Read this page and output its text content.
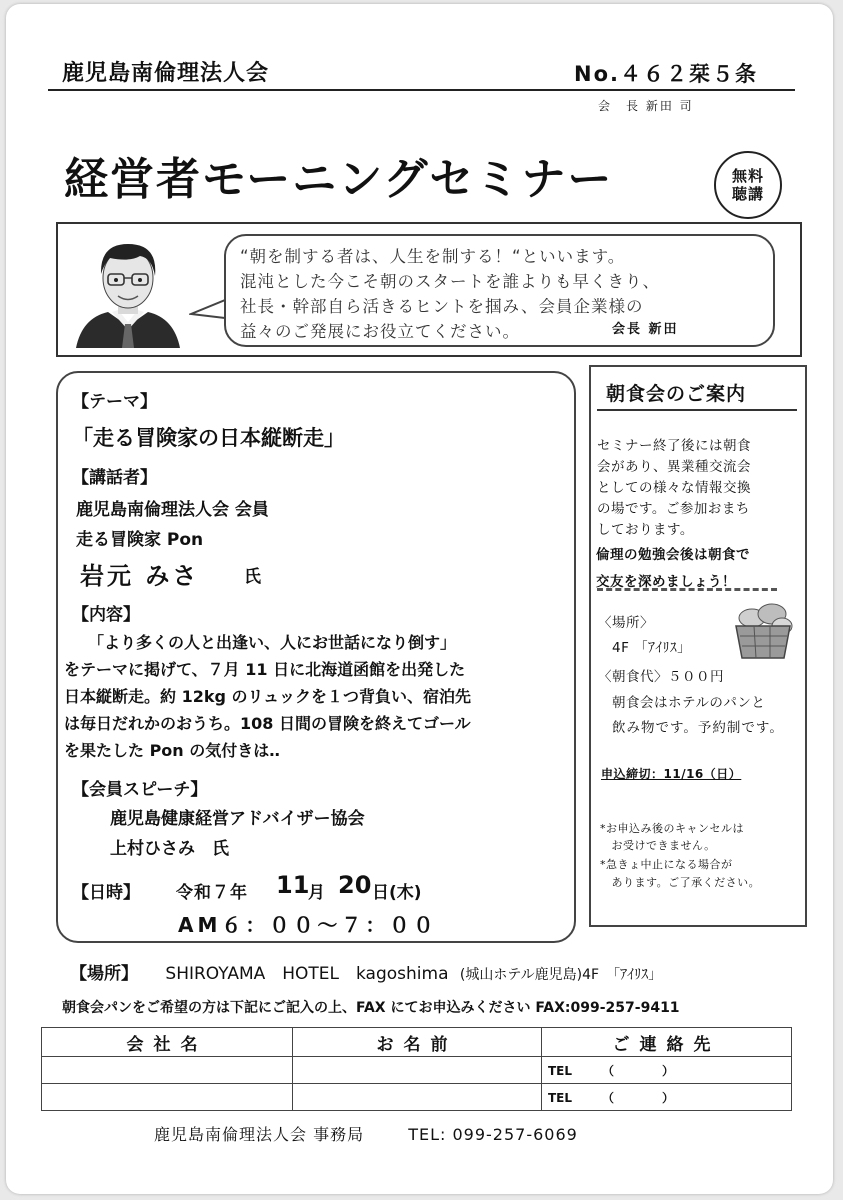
鹿児島南倫理法人会	No.４６２栞５条
会　長 新田 司
経営者モーニングセミナー	無料
聴講
“朝を制する者は、人生を制する！“といいます。
混沌とした今こそ朝のスタートを誰よりも早くきり、
社長・幹部自ら活きるヒントを掴み、会員企業様の
益々のご発展にお役立てください。	会長 新田
【テーマ】
「走る冒険家の日本縦断走」
【講話者】
鹿児島南倫理法人会 会員
走る冒険家 Pon
岩元 みさ	氏
【内容】
「より多くの人と出逢い、人にお世話になり倒す」
をテーマに掲げて、７月 11 日に北海道函館を出発した
日本縦断走。約 12kg のリュックを１つ背負い、宿泊先
は毎日だれかのおうち。108 日間の冒険を終えてゴール
を果たした Pon の気付きは‥
【会員スピーチ】
鹿児島健康経営アドバイザー協会
上村ひさみ　氏
【日時】 令和７年 11
月 20 日(木)
AM６：００～７：００
朝食会のご案内
セミナー終了後には朝食
会があり、異業種交流会
としての様々な情報交換
の場です。ご参加おまち
しております。
倫理の勉強会後は朝食で
交友を深めましょう！
〈場所〉
4F 「ｱｲﾘｽ」
〈朝食代〉５００円
朝食会はホテルのパンと
飲み物です。予約制です。
申込締切：11/16（日）
*お申込み後のキャンセルは
　お受けできません。
*急きょ中止になる場合が
　あります。ご了承ください。
【場所】 SHIROYAMA　HOTEL　kagoshima (城山ホテル鹿児島)4F　「ｱｲﾘｽ」
朝食会パンをご希望の方は下記にご記入の上、FAX にてお申込みください FAX:099-257-9411
会社名	お名前	ご連絡先
		TEL　　　（　　　　）
		TEL　　　（　　　　）
鹿児島南倫理法人会 事務局	TEL: 099-257-6069
